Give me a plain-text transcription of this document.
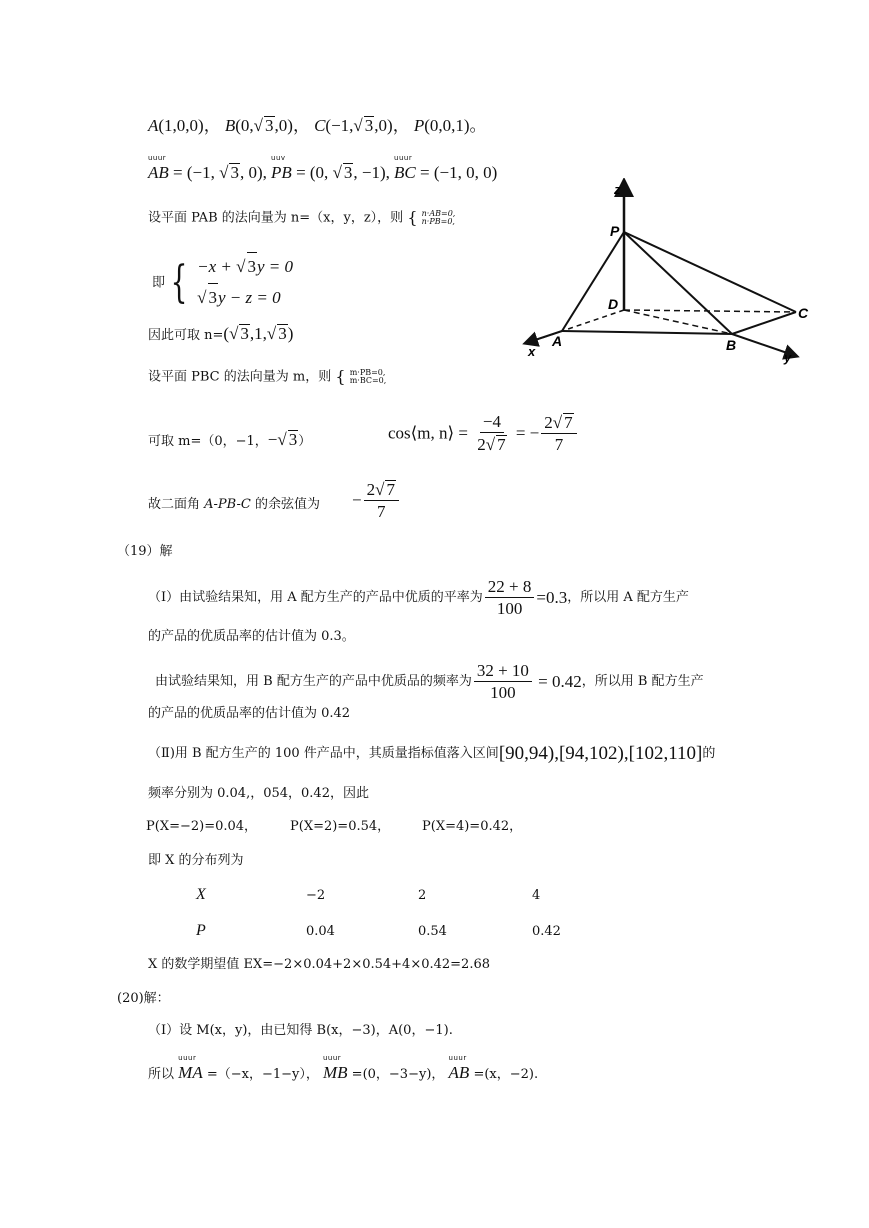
A(1,0,0)， B(0,√ 3,0)， C(−1,√ 3,0)， P(0,0,1)。
uuur
AB = (−1, √ 3, 0),
uuv
PB = (0, √ 3, −1),
uuur
BC = (−1, 0, 0)
设平面 PAB 的法向量为 n=（x，y，z），则 { n·AB=0,
n·PB=0,
即 { −x + √ 3y = 0
√ 3y − z = 0
因此可取 n=(√ 3,1,√ 3)
设平面 PBC 的法向量为 m，则 { m·PB=0,
m·BC=0,
可取 m=（0，−1，−√ 3）	cos⟨m, n⟩ = $\frac{-4}{2√ 7}$ = − $\frac{2√ 7}{7}$
故二面角 A-PB-C 的余弦值为 − $\frac{2√ 7}{7}$
（19）解
（Ⅰ）由试验结果知，用 A 配方生产的产品中优质的平率为 $\frac{22 + 8}{100} =0.3$，所以用 A 配方生产
的产品的优质品率的估计值为 0.3。
由试验结果知，用 B 配方生产的产品中优质品的频率为 $\frac{32 + 10}{100} = 0.42$，所以用 B 配方生产
的产品的优质品率的估计值为 0.42
（Ⅱ)用 B 配方生产的 100 件产品中，其质量指标值落入区间[90,94),[94,102),[102,110]的
频率分别为 0.04,，054，0.42，因此
P(X=−2)=0.04，	P(X=2)=0.54， P(X=4)=0.42，
即 X 的分布列为
X	−2	2	4
P	0.04	0.54	0.42
X 的数学期望值 EX=−2×0.04+2×0.54+4×0.42=2.68
(20)解：
（Ⅰ）设 M(x，y)，由已知得 B(x，−3)，A(0，−1).
所以
uuur
MA =（−x，−1−y），
uuur
MB =(0，−3−y)，
uuur
AB =(x，−2).
z
P
D
C
A	B
x	y
